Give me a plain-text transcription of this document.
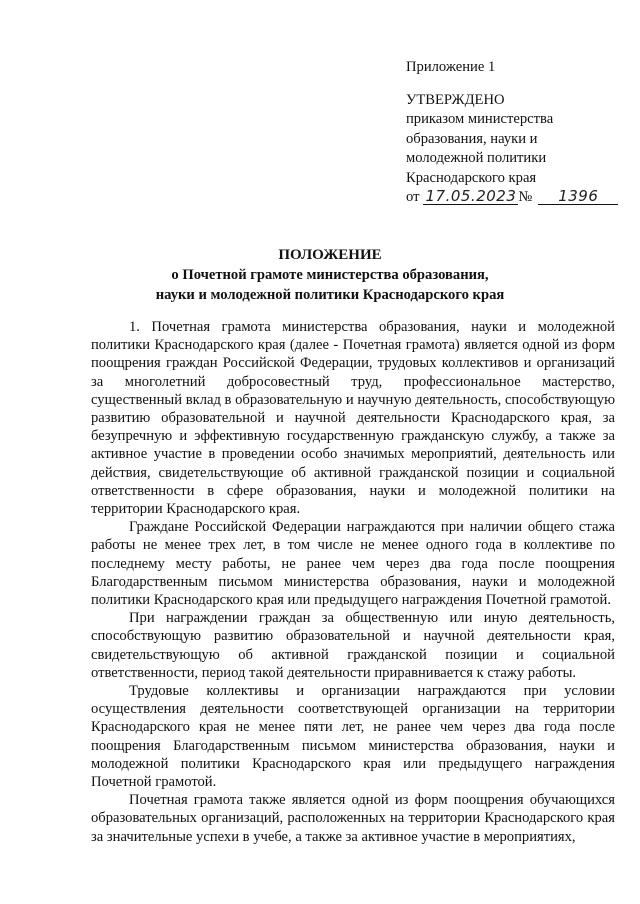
Приложение 1
УТВЕРЖДЕНО
приказом министерства
образования, науки и
молодежной политики
Краснодарского края
от 17.05.2023 №	1396
ПОЛОЖЕНИЕ
о Почетной грамоте министерства образования,
науки и молодежной политики Краснодарского края

1. Почетная грамота министерства образования, науки и молодежной политики Краснодарского края (далее - Почетная грамота) является одной из форм поощрения граждан Российской Федерации, трудовых коллективов и организаций за многолетний добросовестный труд, профессиональное мастерство, существенный вклад в образовательную и научную деятельность, способствующую развитию образовательной и научной деятельности Краснодарского края, за безупречную и эффективную государственную гражданскую службу, а также за активное участие в проведении особо значимых мероприятий, деятельность или действия, свидетельствующие об активной гражданской позиции и социальной ответственности в сфере образования, науки и молодежной политики на территории Краснодарского края.

Граждане Российской Федерации награждаются при наличии общего стажа работы не менее трех лет, в том числе не менее одного года в коллективе по последнему месту работы, не ранее чем через два года после поощрения Благодарственным письмом министерства образования, науки и молодежной политики Краснодарского края или предыдущего награждения Почетной грамотой.

При награждении граждан за общественную или иную деятельность, способствующую развитию образовательной и научной деятельности края, свидетельствующую об активной гражданской позиции и социальной ответственности, период такой деятельности приравнивается к стажу работы.

Трудовые коллективы и организации награждаются при условии осуществления деятельности соответствующей организации на территории Краснодарского края не менее пяти лет, не ранее чем через два года после поощрения Благодарственным письмом министерства образования, науки и молодежной политики Краснодарского края или предыдущего награждения Почетной грамотой.

Почетная грамота также является одной из форм поощрения обучающихся образовательных организаций, расположенных на территории Краснодарского края за значительные успехи в учебе, а также за активное участие в мероприятиях,
